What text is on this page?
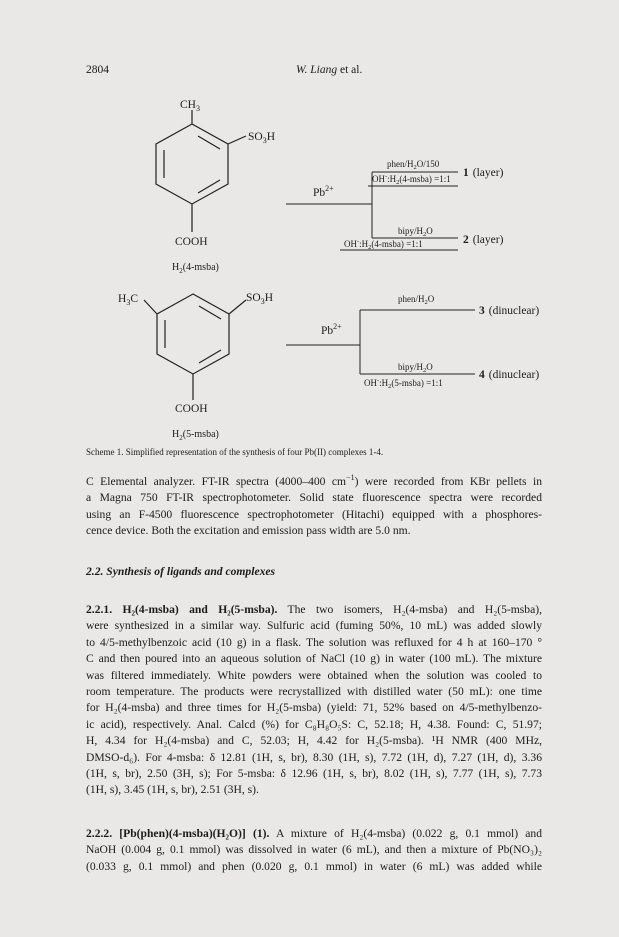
2804	W. Liang et al.
$CH_3$
$SO_3H$
COOH
$H_2(4-msba)$
$H_3C$	$SO_3H$
COOH
$H_2(5-msba)$
$Pb^{2+}$
phen/$H_2O/150$
$OH^-:H_2(4-msba)$ =1:1 1 (layer)
bipy/$H_2O$
$OH^-:H_2(4-msba)$ =1:1	2 (layer)
$Pb^{2+}$
phen/$H_2O$
3 (dinuclear)
bipy/$H_2O$
$OH^-:H_2(5-msba)$ =1:1
4 (dinuclear)
Scheme 1. Simplified representation of the synthesis of four Pb(II) complexes 1-4.
C Elemental analyzer. FT-IR spectra (4000–400 $cm^{-1}$) were recorded from KBr pellets in
a Magna 750 FT-IR spectrophotometer. Solid state fluorescence spectra were recorded
using an F-4500 fluorescence spectrophotometer (Hitachi) equipped with a phosphores-
cence device. Both the excitation and emission pass width are 5.0 nm.
2.2. Synthesis of ligands and complexes
2.2.1. H₂(4-msba) and H₂(5-msba). The two isomers, H₂(4-msba) and H₂(5-msba),
were synthesized in a similar way. Sulfuric acid (fuming 50%, 10 mL) was added slowly
to 4/5-methylbenzoic acid (10 g) in a flask. The solution was refluxed for 4 h at 160–170 °
C and then poured into an aqueous solution of NaCl (10 g) in water (100 mL). The mixture
was filtered immediately. White powders were obtained when the solution was cooled to
room temperature. The products were recrystallized with distilled water (50 mL): one time
for H₂(4-msba) and three times for H₂(5-msba) (yield: 71, 52% based on 4/5-methylbenzo-
ic acid), respectively. Anal. Calcd (%) for C₈H₈O₅S: C, 52.18; H, 4.38. Found: C, 51.97;
H, 4.34 for H₂(4-msba) and C, 52.03; H, 4.42 for H₂(5-msba). ¹H NMR (400 MHz,
DMSO-d₆). For 4-msba: δ 12.81 (1H, s, br), 8.30 (1H, s), 7.72 (1H, d), 7.27 (1H, d), 3.36
(1H, s, br), 2.50 (3H, s); For 5-msba: δ 12.96 (1H, s, br), 8.02 (1H, s), 7.77 (1H, s), 7.73
(1H, s), 3.45 (1H, s, br), 2.51 (3H, s).
2.2.2. [Pb(phen)(4-msba)(H₂O)] (1). A mixture of H₂(4-msba) (0.022 g, 0.1 mmol) and
NaOH (0.004 g, 0.1 mmol) was dissolved in water (6 mL), and then a mixture of Pb(NO₃)₂
(0.033 g, 0.1 mmol) and phen (0.020 g, 0.1 mmol) in water (6 mL) was added while
